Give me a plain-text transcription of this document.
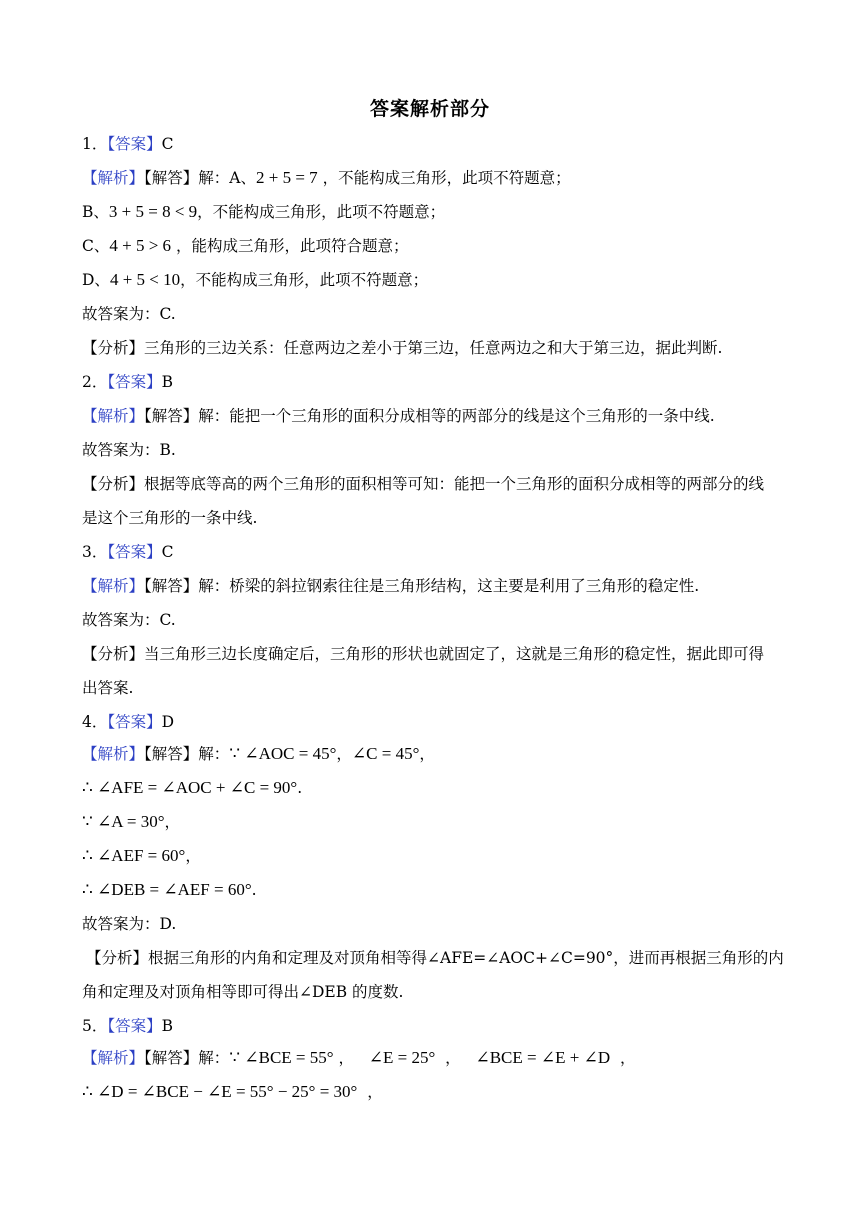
答案解析部分
1．【答案】C
【解析】【解答】解：A、2 + 5 = 7 ，不能构成三角形，此项不符题意；
B、3 + 5 = 8 < 9，不能构成三角形，此项不符题意；
C、4 + 5 > 6 ，能构成三角形，此项符合题意；
D、4 + 5 < 10，不能构成三角形，此项不符题意；
故答案为：C.
【分析】三角形的三边关系：任意两边之差小于第三边，任意两边之和大于第三边，据此判断.
2．【答案】B
【解析】【解答】解：能把一个三角形的面积分成相等的两部分的线是这个三角形的一条中线.
故答案为：B.
【分析】根据等底等高的两个三角形的面积相等可知：能把一个三角形的面积分成相等的两部分的线
是这个三角形的一条中线.
3．【答案】C
【解析】【解答】解：桥梁的斜拉钢索往往是三角形结构，这主要是利用了三角形的稳定性.
故答案为：C.
【分析】当三角形三边长度确定后，三角形的形状也就固定了，这就是三角形的稳定性，据此即可得
出答案.
4．【答案】D
【解析】【解答】解：∵ ∠AOC = 45°，∠C = 45°，
∴ ∠AFE = ∠AOC + ∠C = 90°.
∵ ∠A = 30°，
∴ ∠AEF = 60°，
∴ ∠DEB = ∠AEF = 60°.
故答案为：D.
【分析】根据三角形的内角和定理及对顶角相等得∠AFE=∠AOC+∠C=90°，进而再根据三角形的内
角和定理及对顶角相等即可得出∠DEB 的度数.
5．【答案】B
【解析】【解答】解：∵ ∠BCE = 55° ， ∠E = 25° ， ∠BCE = ∠E + ∠D ，
∴ ∠D = ∠BCE − ∠E = 55° − 25° = 30° ，
